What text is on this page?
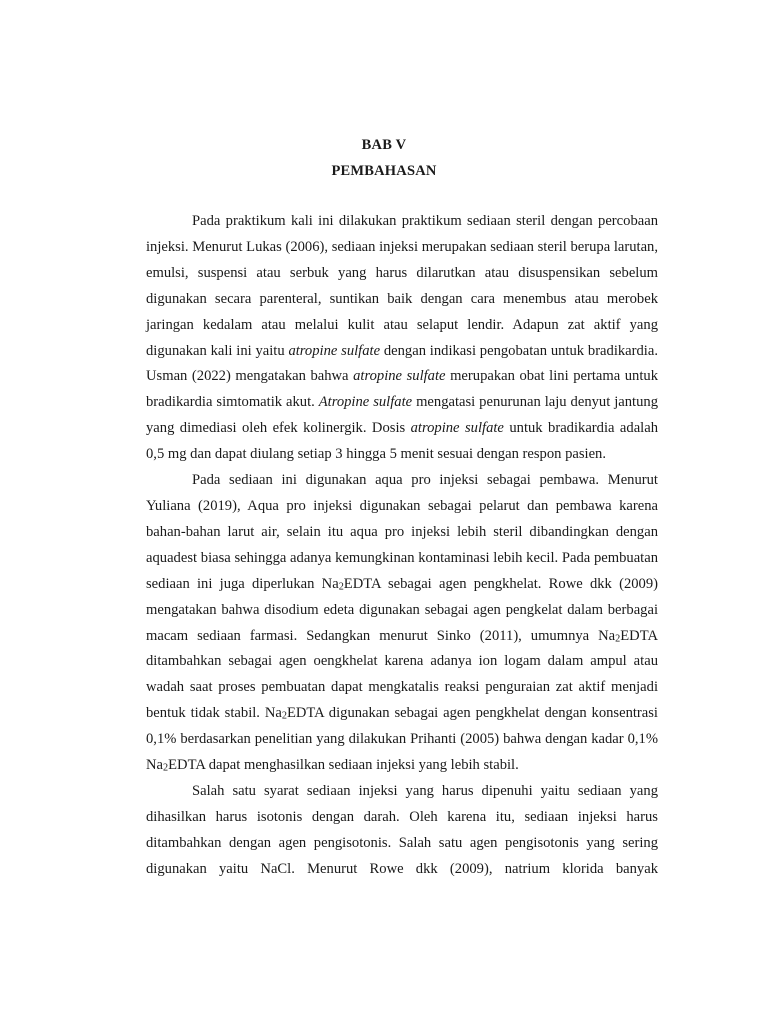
BAB V
PEMBAHASAN

Pada praktikum kali ini dilakukan praktikum sediaan steril dengan percobaan injeksi. Menurut Lukas (2006), sediaan injeksi merupakan sediaan steril berupa larutan, emulsi, suspensi atau serbuk yang harus dilarutkan atau disuspensikan sebelum digunakan secara parenteral, suntikan baik dengan cara menembus atau merobek jaringan kedalam atau melalui kulit atau selaput lendir. Adapun zat aktif yang digunakan kali ini yaitu atropine sulfate dengan indikasi pengobatan untuk bradikardia. Usman (2022) mengatakan bahwa atropine sulfate merupakan obat lini pertama untuk bradikardia simtomatik akut. Atropine sulfate mengatasi penurunan laju denyut jantung yang dimediasi oleh efek kolinergik. Dosis atropine sulfate untuk bradikardia adalah 0,5 mg dan dapat diulang setiap 3 hingga 5 menit sesuai dengan respon pasien.

Pada sediaan ini digunakan aqua pro injeksi sebagai pembawa. Menurut Yuliana (2019), Aqua pro injeksi digunakan sebagai pelarut dan pembawa karena bahan-bahan larut air, selain itu aqua pro injeksi lebih steril dibandingkan dengan aquadest biasa sehingga adanya kemungkinan kontaminasi lebih kecil. Pada pembuatan sediaan ini juga diperlukan $Na_2EDTA$ sebagai agen pengkhelat. Rowe dkk (2009) mengatakan bahwa disodium edeta digunakan sebagai agen pengkelat dalam berbagai macam sediaan farmasi. Sedangkan menurut Sinko (2011), umumnya $Na_2EDTA$ ditambahkan sebagai agen oengkhelat karena adanya ion logam dalam ampul atau wadah saat proses pembuatan dapat mengkatalis reaksi penguraian zat aktif menjadi bentuk tidak stabil. $Na_2EDTA$ digunakan sebagai agen pengkhelat dengan konsentrasi 0,1% berdasarkan penelitian yang dilakukan Prihanti (2005) bahwa dengan kadar 0,1% $Na_2EDTA$ dapat menghasilkan sediaan injeksi yang lebih stabil.

Salah satu syarat sediaan injeksi yang harus dipenuhi yaitu sediaan yang dihasilkan harus isotonis dengan darah. Oleh karena itu, sediaan injeksi harus ditambahkan dengan agen pengisotonis. Salah satu agen pengisotonis yang sering digunakan yaitu NaCl. Menurut Rowe dkk (2009), natrium klorida banyak
